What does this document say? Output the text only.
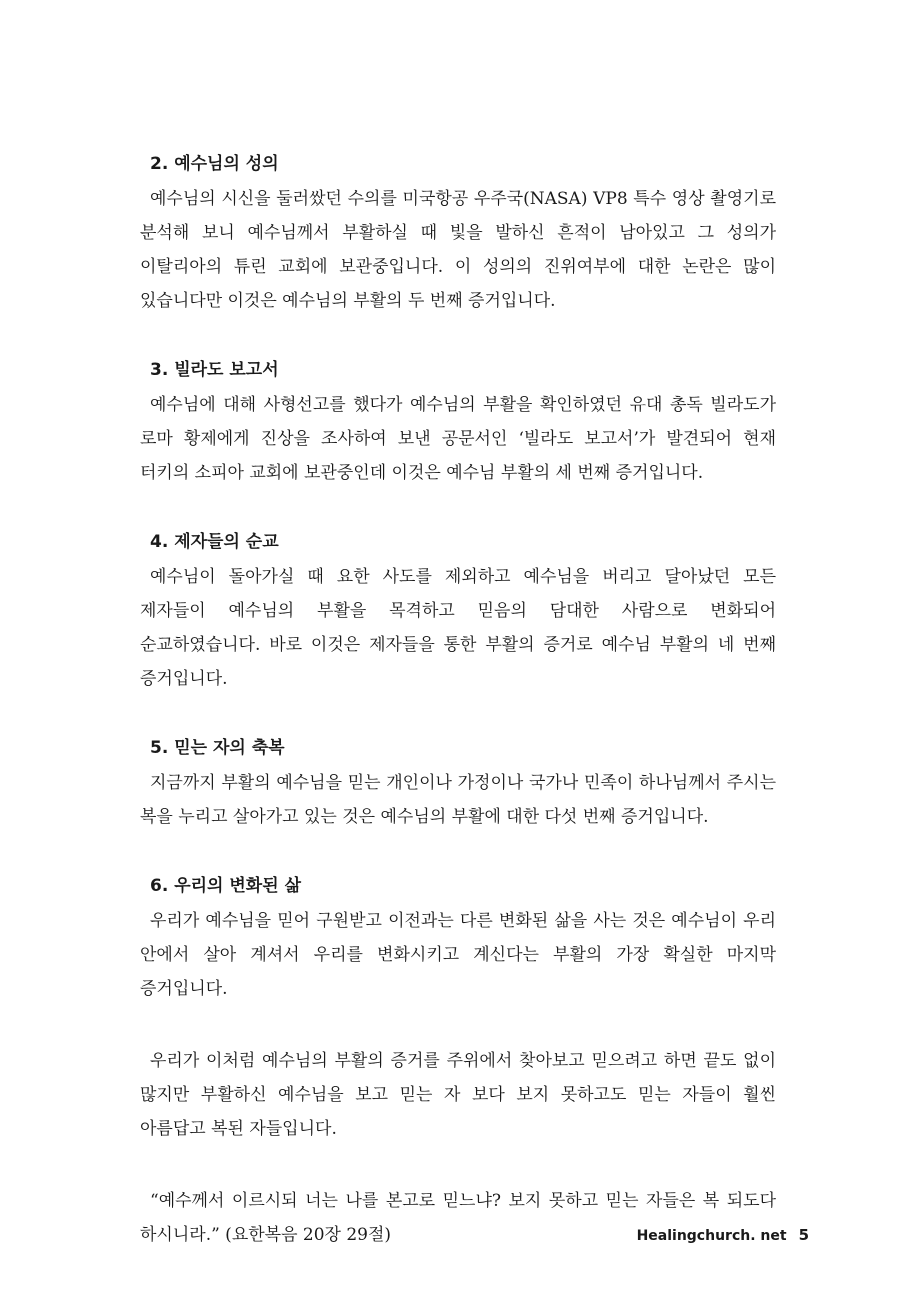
2. 예수님의 성의

예수님의 시신을 둘러쌌던 수의를 미국항공 우주국(NASA) VP8 특수 영상 촬영기로 분석해 보니 예수님께서 부활하실 때 빛을 발하신 흔적이 남아있고 그 성의가 이탈리아의 튜린 교회에 보관중입니다. 이 성의의 진위여부에 대한 논란은 많이 있습니다만 이것은 예수님의 부활의 두 번째 증거입니다.

3. 빌라도 보고서

예수님에 대해 사형선고를 했다가 예수님의 부활을 확인하였던 유대 총독 빌라도가 로마 황제에게 진상을 조사하여 보낸 공문서인 ‘빌라도 보고서’가 발견되어 현재 터키의 소피아 교회에 보관중인데 이것은 예수님 부활의 세 번째 증거입니다.

4. 제자들의 순교

예수님이 돌아가실 때 요한 사도를 제외하고 예수님을 버리고 달아났던 모든 제자들이 예수님의 부활을 목격하고 믿음의 담대한 사람으로 변화되어 순교하였습니다. 바로 이것은 제자들을 통한 부활의 증거로 예수님 부활의 네 번째 증거입니다.

5. 믿는 자의 축복

지금까지 부활의 예수님을 믿는 개인이나 가정이나 국가나 민족이 하나님께서 주시는 복을 누리고 살아가고 있는 것은 예수님의 부활에 대한 다섯 번째 증거입니다.

6. 우리의 변화된 삶

우리가 예수님을 믿어 구원받고 이전과는 다른 변화된 삶을 사는 것은 예수님이 우리 안에서 살아 계셔서 우리를 변화시키고 계신다는 부활의 가장 확실한 마지막 증거입니다.

우리가 이처럼 예수님의 부활의 증거를 주위에서 찾아보고 믿으려고 하면 끝도 없이 많지만 부활하신 예수님을 보고 믿는 자 보다 보지 못하고도 믿는 자들이 훨씬 아름답고 복된 자들입니다.

“예수께서 이르시되 너는 나를 본고로 믿느냐? 보지 못하고 믿는 자들은 복 되도다 하시니라.” (요한복음 20장 29절)	Healingchurch. net 5
